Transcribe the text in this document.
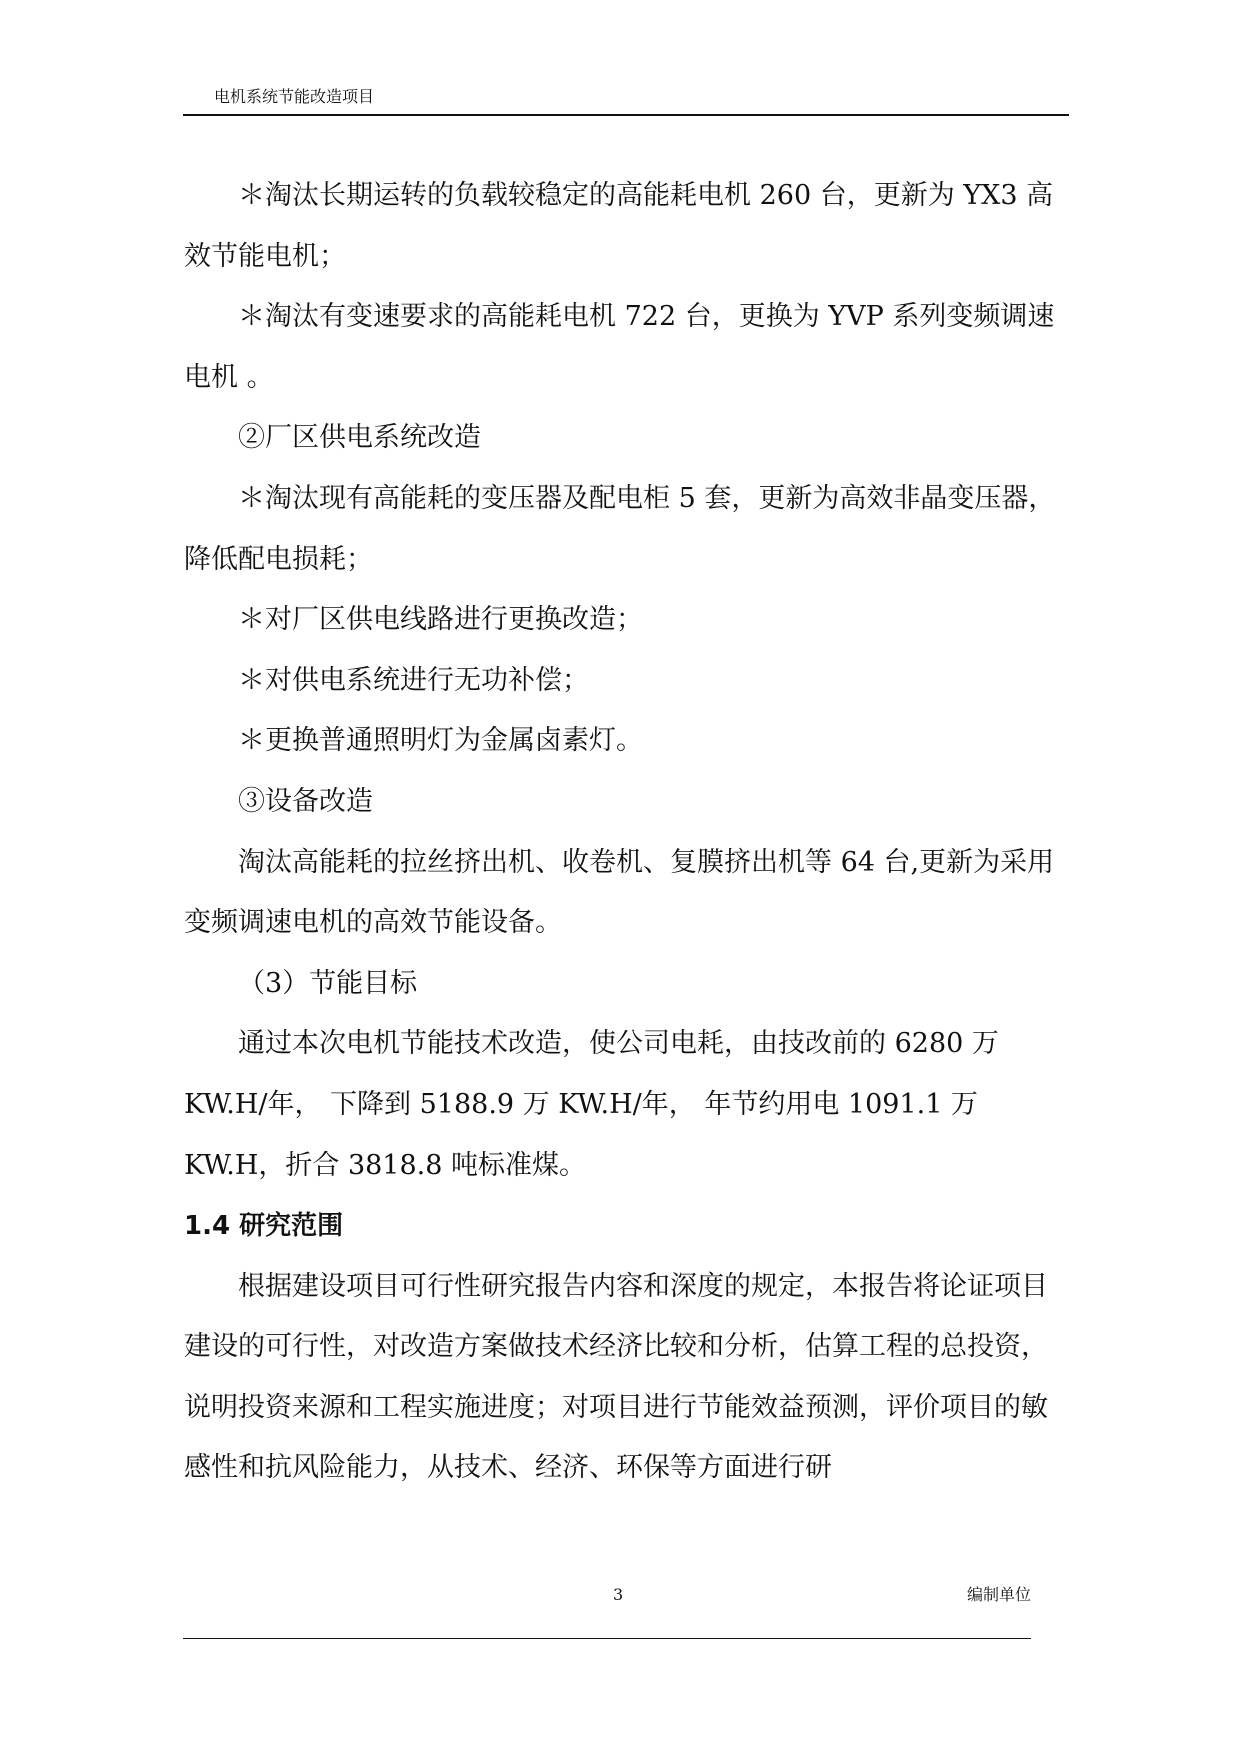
电机系统节能改造项目

＊淘汰长期运转的负载较稳定的高能耗电机 260 台，更新为 YX3 高效节能电机；

＊淘汰有变速要求的高能耗电机 722 台，更换为 YVP 系列变频调速电机 。

②厂区供电系统改造

＊淘汰现有高能耗的变压器及配电柜 5 套，更新为高效非晶变压器，降低配电损耗；

＊对厂区供电线路进行更换改造；

＊对供电系统进行无功补偿；

＊更换普通照明灯为金属卤素灯。

③设备改造

淘汰高能耗的拉丝挤出机、收卷机、复膜挤出机等 64 台,更新为采用变频调速电机的高效节能设备。

（3）节能目标

通过本次电机节能技术改造，使公司电耗，由技改前的 6280 万 KW.H/年， 下降到 5188.9 万 KW.H/年， 年节约用电 1091.1 万 KW.H，折合 3818.8 吨标准煤。

1.4 研究范围

根据建设项目可行性研究报告内容和深度的规定，本报告将论证项目建设的可行性，对改造方案做技术经济比较和分析，估算工程的总投资，说明投资来源和工程实施进度；对项目进行节能效益预测，评价项目的敏感性和抗风险能力，从技术、经济、环保等方面进行研

3	编制单位
